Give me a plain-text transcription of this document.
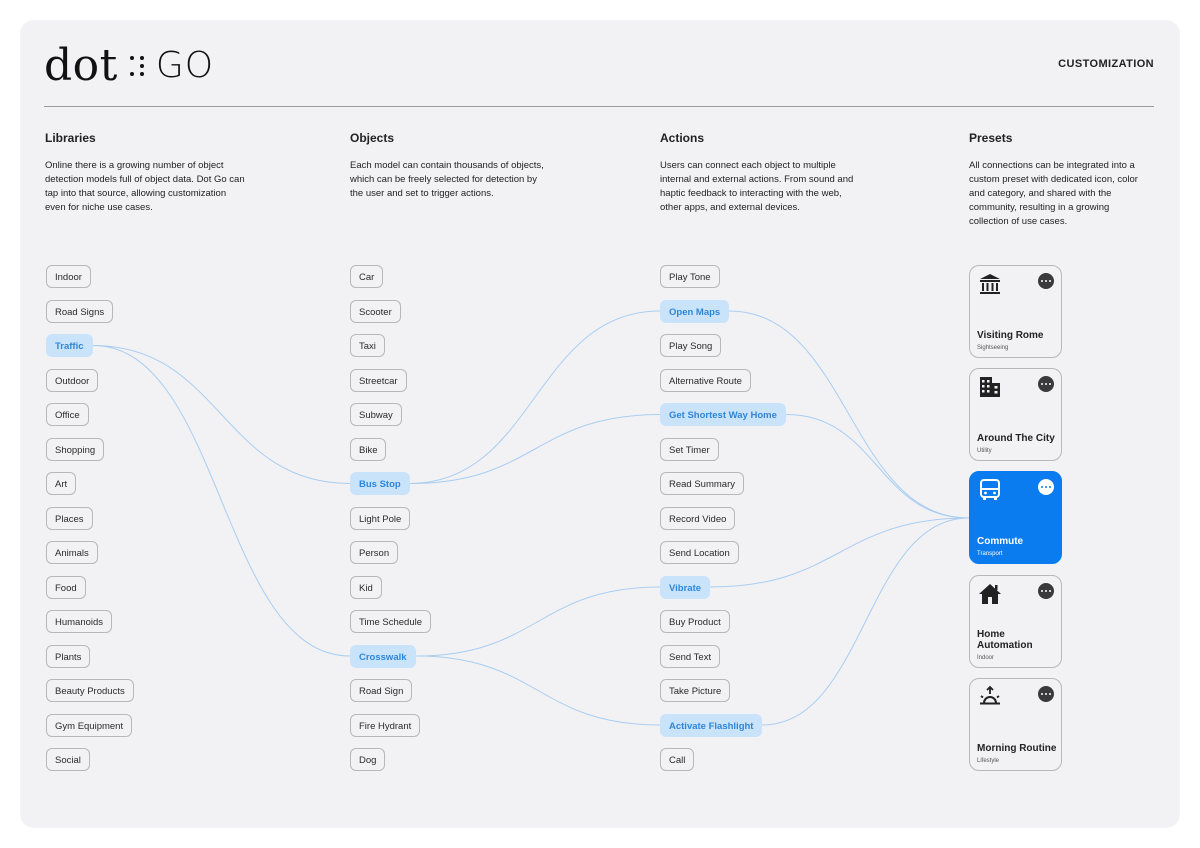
dot GO	CUSTOMIZATION
Libraries	Objects	Actions	Presets
Online there is a growing number of object detection models full of object data. Dot Go can tap into that source, allowing customization even for niche use cases.
Each model can contain thousands of objects, which can be freely selected for detection by the user and set to trigger actions.
Users can connect each object to multiple internal and external actions. From sound and haptic feedback to interacting with the web, other apps, and external devices.
All connections can be integrated into a custom preset with dedicated icon, color and category, and shared with the community, resulting in a growing collection of use cases.
Indoor
Road Signs
Traffic
Outdoor
Office
Shopping
Art
Places
Animals
Food
Humanoids
Plants
Beauty Products
Gym Equipment
Social
Car
Scooter
Taxi
Streetcar
Subway
Bike
Bus Stop
Light Pole
Person
Kid
Time Schedule
Crosswalk
Road Sign
Fire Hydrant
Dog
Play Tone
Open Maps
Play Song
Alternative Route
Get Shortest Way Home
Set Timer
Read Summary
Record Video
Send Location
Vibrate
Buy Product
Send Text
Take Picture
Activate Flashlight
Call
Visiting Rome
Sightseeing
Around The City
Utility
Commute
Transport
Home Automation
Indoor
Morning Routine
Lifestyle
